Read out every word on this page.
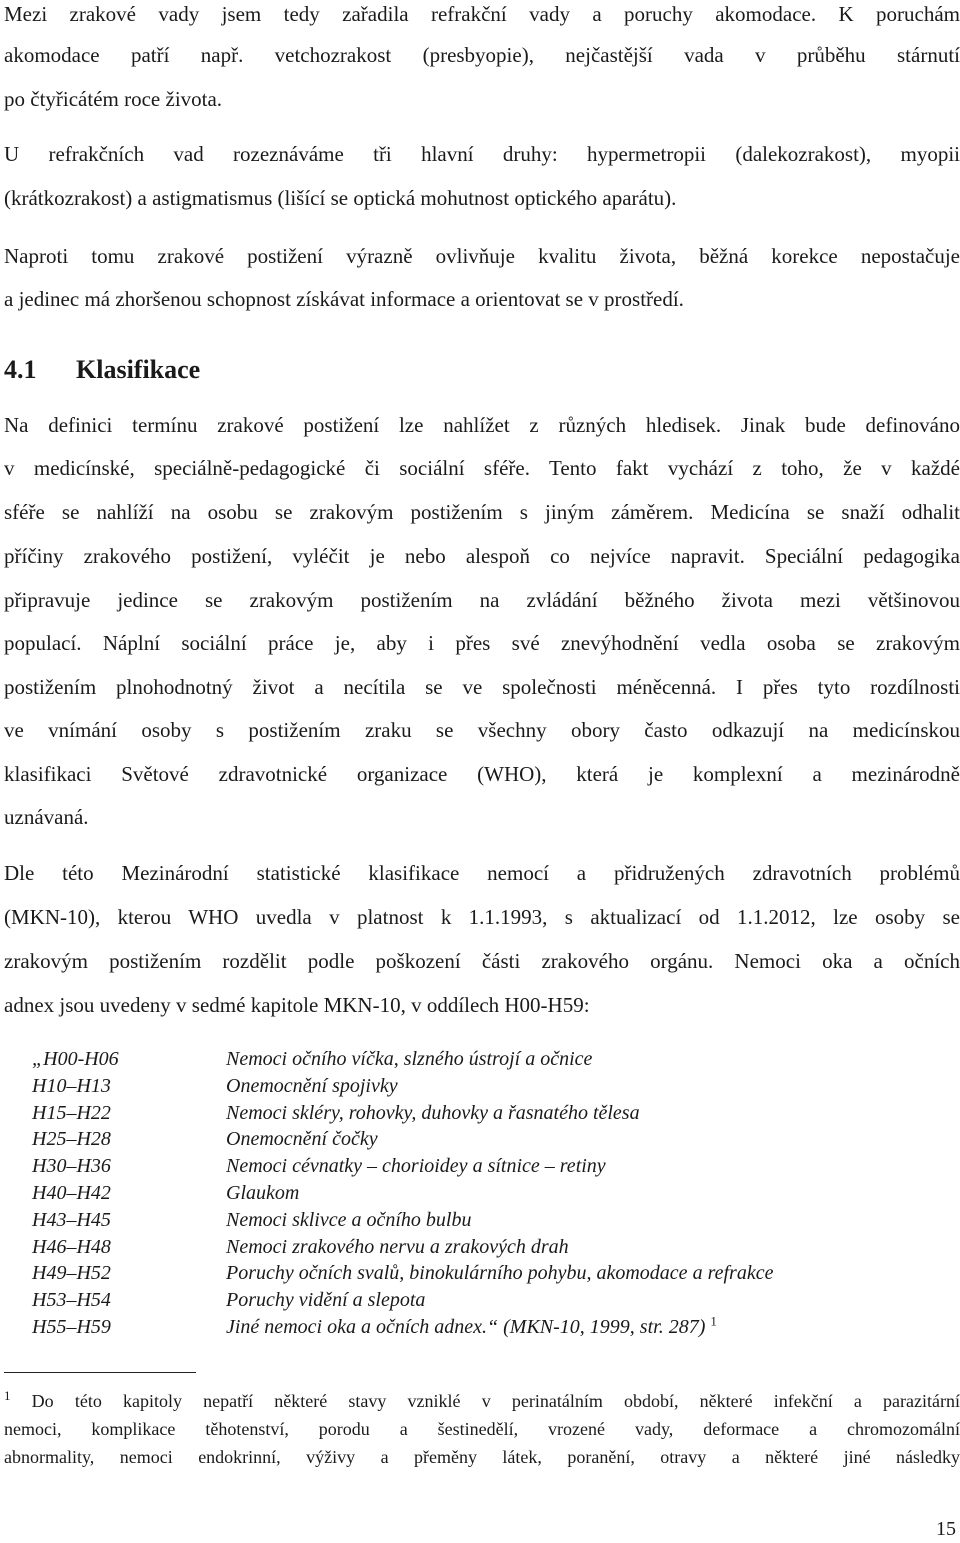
Mezi zrakové vady jsem tedy zařadila refrakční vady a poruchy akomodace. K poruchám
akomodace patří např. vetchozrakost (presbyopie), nejčastější vada v průběhu stárnutí
po čtyřicátém roce života.
U refrakčních vad rozeznáváme tři hlavní druhy: hypermetropii (dalekozrakost), myopii
(krátkozrakost) a astigmatismus (lišící se optická mohutnost optického aparátu).
Naproti tomu zrakové postižení výrazně ovlivňuje kvalitu života, běžná korekce nepostačuje
a jedinec má zhoršenou schopnost získávat informace a orientovat se v prostředí.
4.1 Klasifikace
Na definici termínu zrakové postižení lze nahlížet z různých hledisek. Jinak bude definováno
v medicínské, speciálně-pedagogické či sociální sféře. Tento fakt vychází z toho, že v každé
sféře se nahlíží na osobu se zrakovým postižením s jiným záměrem. Medicína se snaží odhalit
příčiny zrakového postižení, vyléčit je nebo alespoň co nejvíce napravit. Speciální pedagogika
připravuje jedince se zrakovým postižením na zvládání běžného života mezi většinovou
populací. Náplní sociální práce je, aby i přes své znevýhodnění vedla osoba se zrakovým
postižením plnohodnotný život a necítila se ve společnosti méněcenná. I přes tyto rozdílnosti
ve vnímání osoby s postižením zraku se všechny obory často odkazují na medicínskou
klasifikaci Světové zdravotnické organizace (WHO), která je komplexní a mezinárodně
uznávaná.
Dle této Mezinárodní statistické klasifikace nemocí a přidružených zdravotních problémů
(MKN-10), kterou WHO uvedla v platnost k 1.1.1993, s aktualizací od 1.1.2012, lze osoby se
zrakovým postižením rozdělit podle poškození části zrakového orgánu. Nemoci oka a očních
adnex jsou uvedeny v sedmé kapitole MKN-10, v oddílech H00-H59:
„H00-H06	Nemoci očního víčka, slzného ústrojí a očnice
H10–H13	Onemocnění spojivky
H15–H22	Nemoci skléry, rohovky, duhovky a řasnatého tělesa
H25–H28	Onemocnění čočky
H30–H36	Nemoci cévnatky – chorioidey a sítnice – retiny
H40–H42	Glaukom
H43–H45	Nemoci sklivce a očního bulbu
H46–H48	Nemoci zrakového nervu a zrakových drah
H49–H52	Poruchy očních svalů, binokulárního pohybu, akomodace a refrakce
H53–H54	Poruchy vidění a slepota
H55–H59	Jiné nemoci oka a očních adnex.“ (MKN-10, 1999, str. 287) $^1$
$^1$ Do této kapitoly nepatří některé stavy vzniklé v perinatálním období, některé infekční a parazitární
nemoci, komplikace těhotenství, porodu a šestinedělí, vrozené vady, deformace a chromozomální
abnormality, nemoci endokrinní, výživy a přeměny látek, poranění, otravy a některé jiné následky
15
